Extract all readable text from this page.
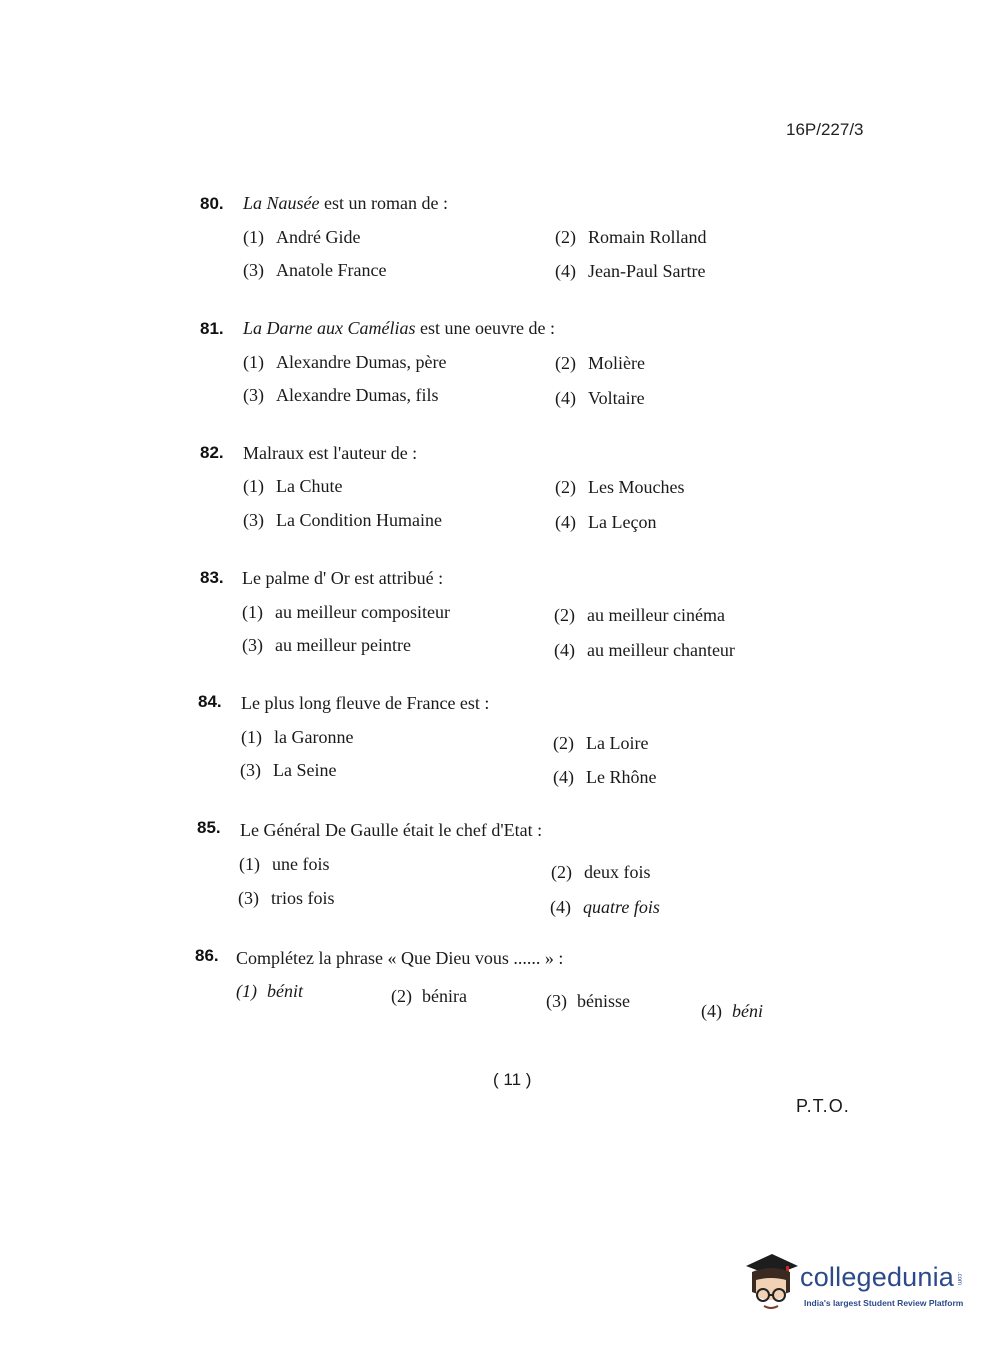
16P/227/3
80. La Nausée est un roman de :
(1) André Gide	(2) Romain Rolland
(3) Anatole France	(4) Jean-Paul Sartre
81. La Darne aux Camélias est une oeuvre de :
(1) Alexandre Dumas, père	(2) Molière
(3) Alexandre Dumas, fils	(4) Voltaire
82. Malraux est l'auteur de :
(1) La Chute	(2) Les Mouches
(3) La Condition Humaine	(4) La Leçon
83. Le palme d' Or est attribué :
(1) au meilleur compositeur	(2) au meilleur cinéma
(3) au meilleur peintre	(4) au meilleur chanteur
84. Le plus long fleuve de France est :
(1) la Garonne	(2) La Loire
(3) La Seine	(4) Le Rhône
85. Le Général De Gaulle était le chef d'Etat :
(1) une fois	(2) deux fois
(3) trios fois	(4) quatre fois
86. Complétez la phrase « Que Dieu vous ...... » :
(1) bénit	(2) bénira	(3) bénisse	(4) béni
( 11 )
P.T.O.
collegedunia .com
India's largest Student Review Platform
